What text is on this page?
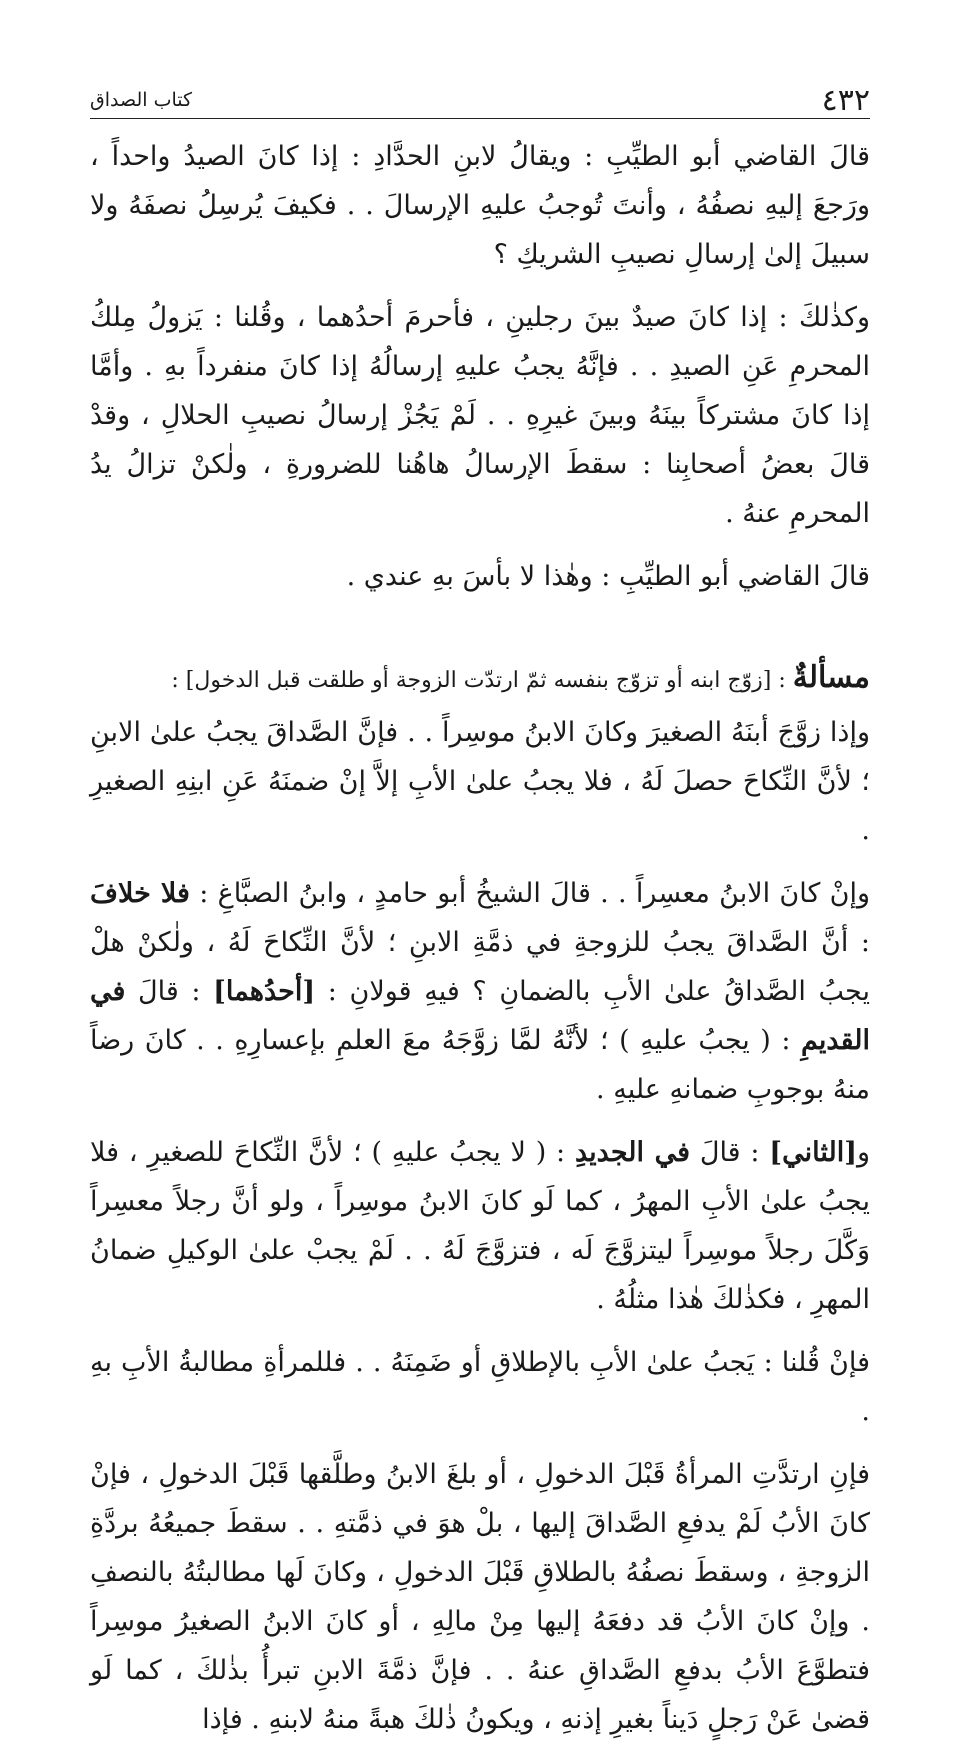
٤٣٢
كتاب الصداق

قالَ القاضي أبو الطيِّبِ : ويقالُ لابنِ الحدَّادِ : إذا كانَ الصيدُ واحداً ، ورَجعَ إليهِ نصفُهُ ، وأنتَ تُوجبُ عليهِ الإرسالَ . . فكيفَ يُرسِلُ نصفَهُ ولا سبيلَ إلىٰ إرسالِ نصيبِ الشريكِ ؟

وكذٰلكَ : إذا كانَ صيدٌ بينَ رجلينِ ، فأحرمَ أحدُهما ، وقُلنا : يَزولُ مِلكُ المحرمِ عَنِ الصيدِ . . فإنَّهُ يجبُ عليهِ إرسالُهُ إذا كانَ منفرداً بهِ . وأمَّا إذا كانَ مشتركاً بينَهُ وبينَ غيرِهِ . . لَمْ يَجُزْ إرسالُ نصيبِ الحلالِ ، وقدْ قالَ بعضُ أصحابِنا : سقطَ الإرسالُ هاهُنا للضرورةِ ، ولٰكنْ تزالُ يدُ المحرمِ عنهُ .

قالَ القاضي أبو الطيِّبِ : وهٰذا لا بأسَ بهِ عندي .

مسألةٌ : [زوّج ابنه أو تزوّج بنفسه ثمّ ارتدّت الزوجة أو طلقت قبل الدخول] :

وإذا زوَّجَ أبنَهُ الصغيرَ وكانَ الابنُ موسِراً . . فإنَّ الصَّداقَ يجبُ علىٰ الابنِ ؛ لأنَّ النِّكاحَ حصلَ لَهُ ، فلا يجبُ علىٰ الأبِ إلاَّ إنْ ضمنَهُ عَنِ ابنِهِ الصغيرِ .

وإنْ كانَ الابنُ معسِراً . . قالَ الشيخُ أبو حامدٍ ، وابنُ الصبَّاغِ : فلا خلافَ : أنَّ الصَّداقَ يجبُ للزوجةِ في ذمَّةِ الابنِ ؛ لأنَّ النِّكاحَ لَهُ ، ولٰكنْ هلْ يجبُ الصَّداقُ علىٰ الأبِ بالضمانِ ؟ فيهِ قولانِ : [أحدُهما] : قالَ في القديمِ : ( يجبُ عليهِ ) ؛ لأنَّهُ لمَّا زوَّجَهُ معَ العلمِ بإعسارِهِ . . كانَ رضاً منهُ بوجوبِ ضمانهِ عليهِ .

و[الثاني] : قالَ في الجديدِ : ( لا يجبُ عليهِ ) ؛ لأنَّ النِّكاحَ للصغيرِ ، فلا يجبُ علىٰ الأبِ المهرُ ، كما لَو كانَ الابنُ موسِراً ، ولو أنَّ رجلاً معسِراً وَكَّلَ رجلاً موسِراً ليتزوَّجَ لَه ، فتزوَّجَ لَهُ . . لَمْ يجبْ علىٰ الوكيلِ ضمانُ المهرِ ، فكذٰلكَ هٰذا مثلُهُ .

فإنْ قُلنا : يَجبُ علىٰ الأبِ بالإطلاقِ أو ضَمِنَهُ . . فللمرأةِ مطالبةُ الأبِ بهِ .

فإنِ ارتدَّتِ المرأةُ قَبْلَ الدخولِ ، أو بلغَ الابنُ وطلَّقها قَبْلَ الدخولِ ، فإنْ كانَ الأبُ لَمْ يدفعِ الصَّداقَ إليها ، بلْ هوَ في ذمَّتهِ . . سقطَ جميعُهُ بردَّةِ الزوجةِ ، وسقطَ نصفُهُ بالطلاقِ قَبْلَ الدخولِ ، وكانَ لَها مطالبتُهُ بالنصفِ . وإنْ كانَ الأبُ قد دفعَهُ إليها مِنْ مالِهِ ، أو كانَ الابنُ الصغيرُ موسِراً فتطوَّعَ الأبُ بدفعِ الصَّداقِ عنهُ . . فإنَّ ذمَّةَ الابنِ تبرأُ بذٰلكَ ، كما لَو قضىٰ عَنْ رَجلٍ دَيناً بغيرِ إذنهِ ، ويكونُ ذٰلكَ هبةً منهُ لابنهِ . فإذا
